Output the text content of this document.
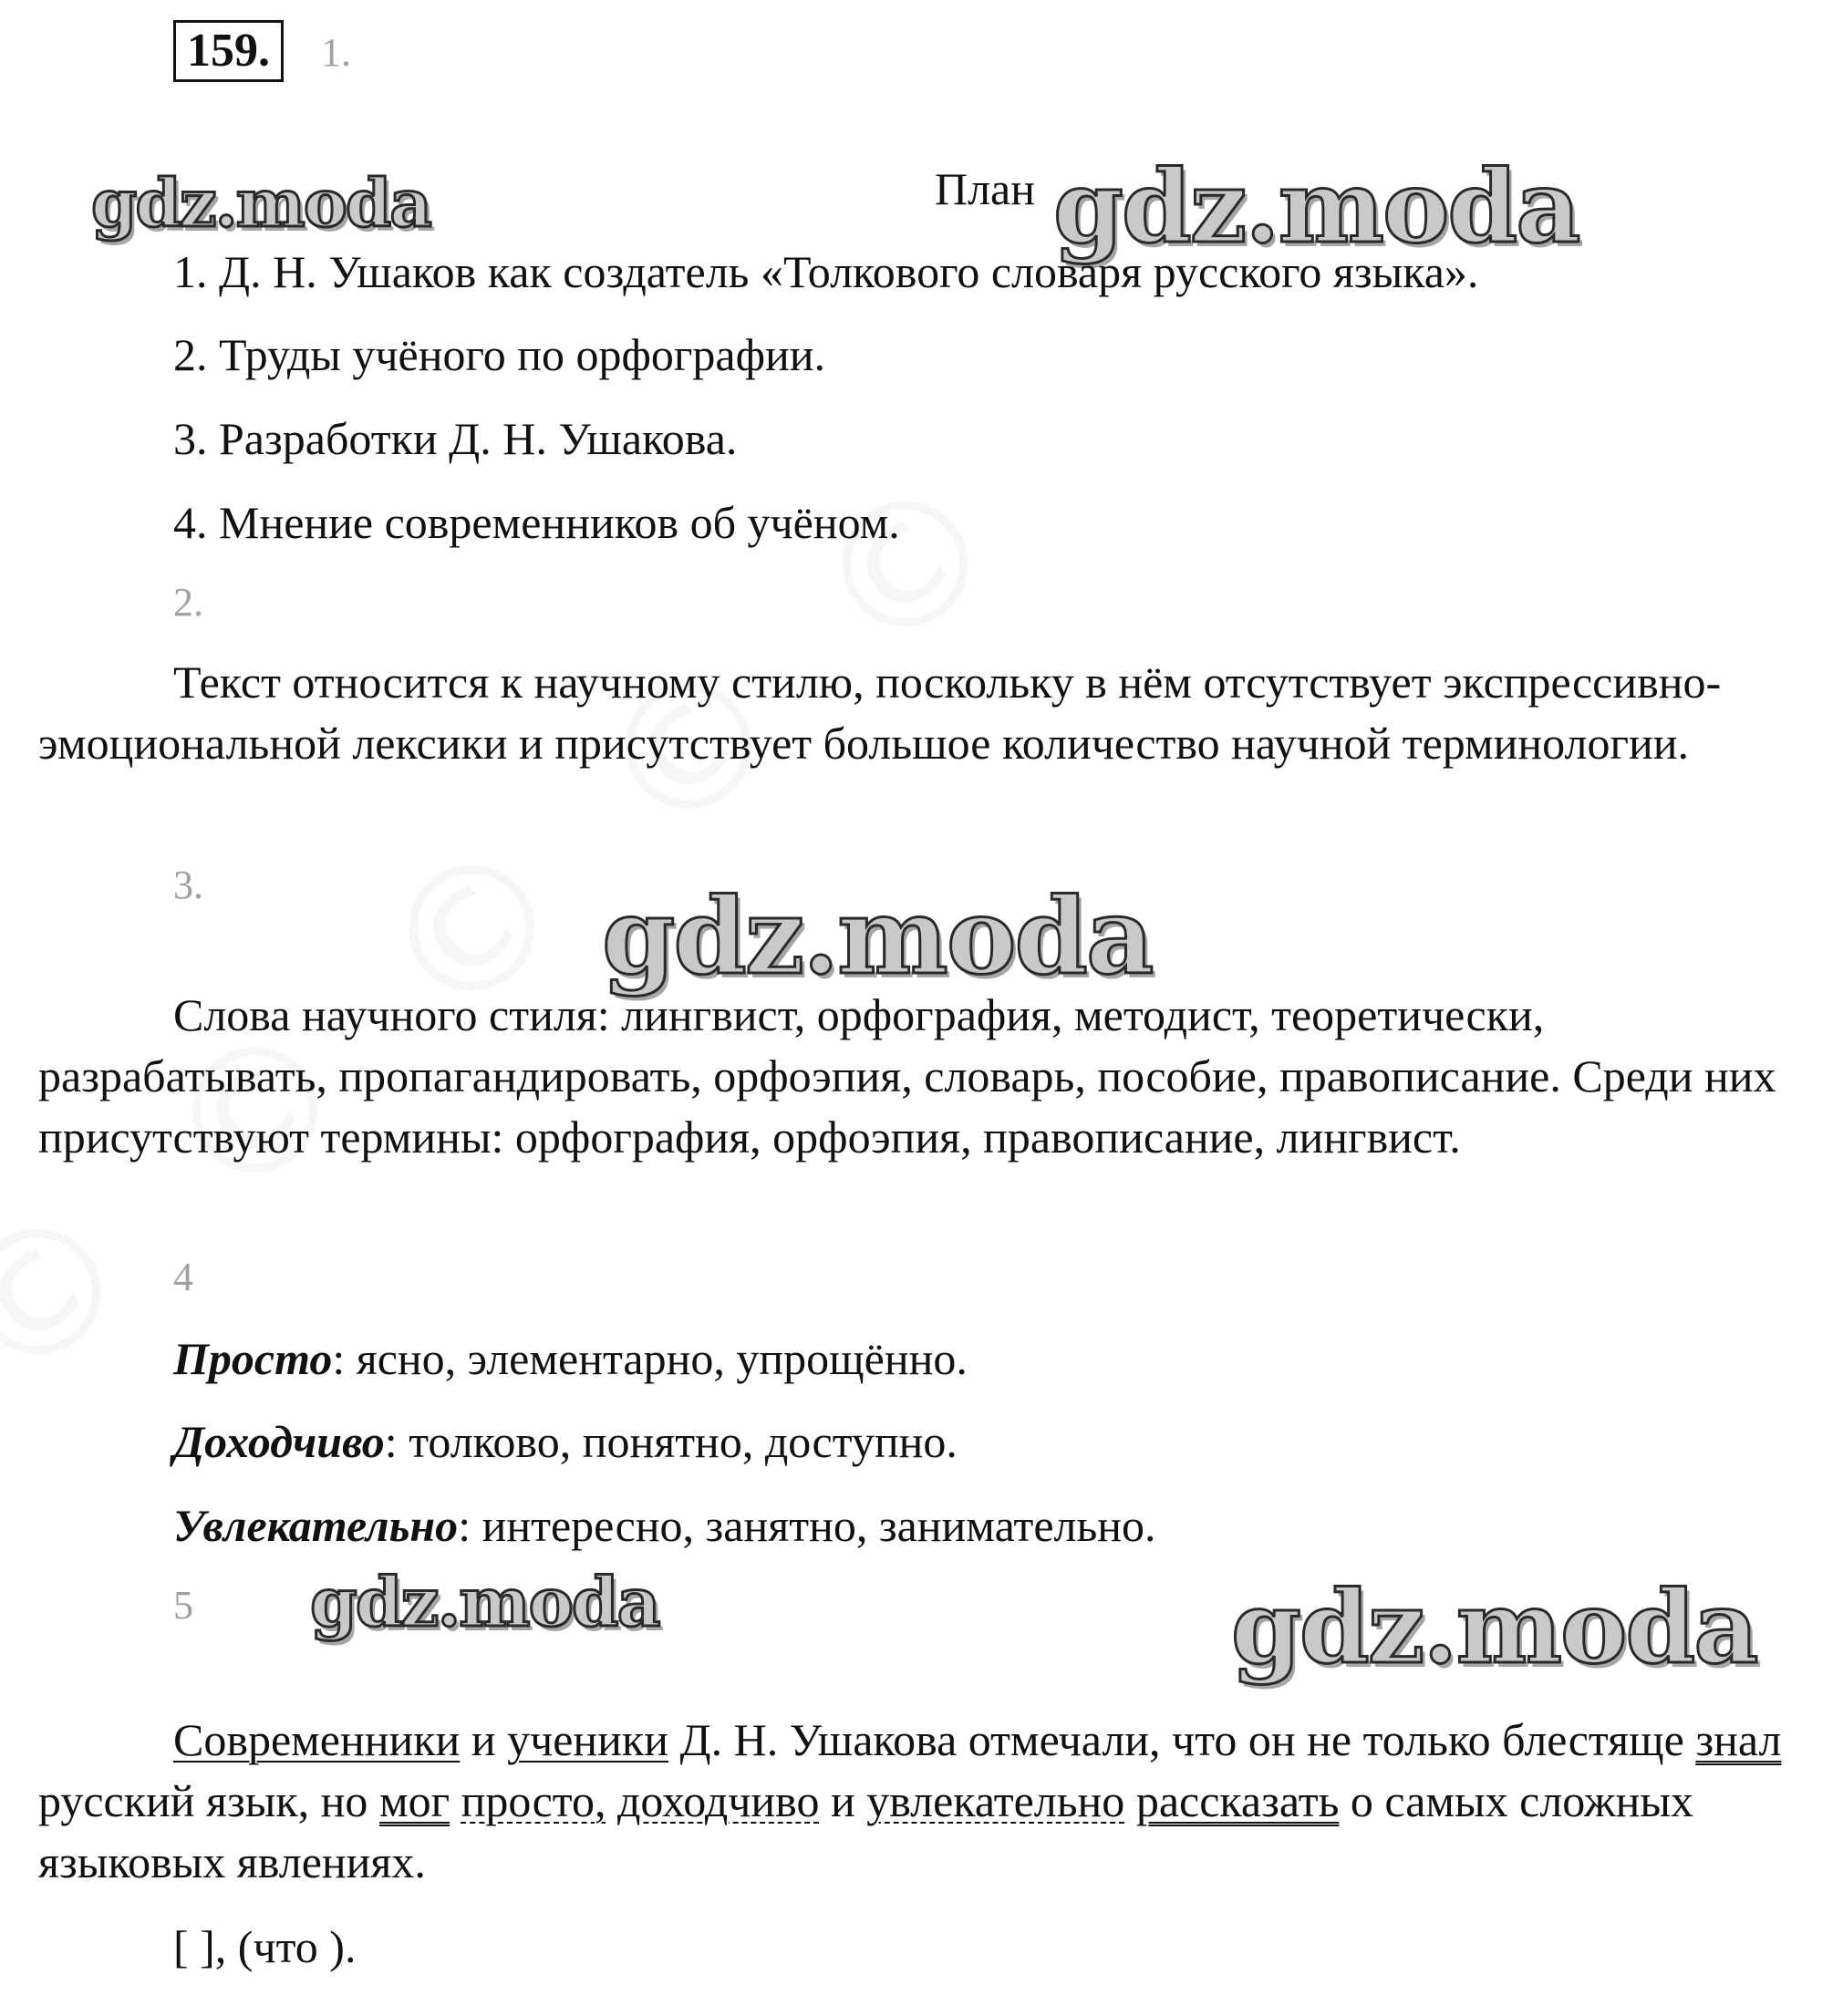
159.	1.
План
1. Д. Н. Ушаков как создатель «Толкового словаря русского языка».
2. Труды учёного по орфографии.
3. Разработки Д. Н. Ушакова.
4. Мнение современников об учёном.
2.
Текст относится к научному стилю, поскольку в нём отсутствует экспрессивно-эмоциональной лексики и присутствует большое количество научной терминологии.
3.
Слова научного стиля: лингвист, орфография, методист, теоретически, разрабатывать, пропагандировать, орфоэпия, словарь, пособие, правописание. Среди них присутствуют термины: орфография, орфоэпия, правописание, лингвист.
4
Просто: ясно, элементарно, упрощённо.
Доходчиво: толково, понятно, доступно.
Увлекательно: интересно, занятно, занимательно.
5
Современники и ученики Д. Н. Ушакова отмечали, что он не только блестяще знал русский язык, но мог просто, доходчиво и увлекательно рассказать о самых сложных языковых явлениях.
[ ], (что ).
gdz.moda	gdz.moda
gdz.moda
gdz.moda	gdz.moda
